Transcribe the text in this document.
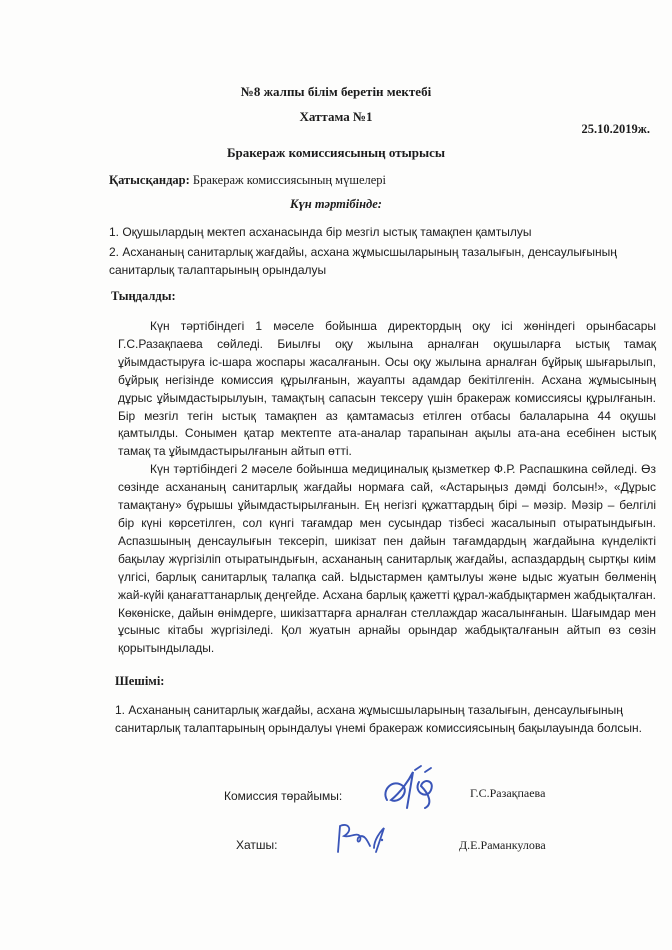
№8 жалпы білім беретін мектебі
Хаттама №1
25.10.2019ж.
Бракераж комиссиясының отырысы
Қатысқандар: Бракераж комиссиясының мүшелері
Күн тәртібінде:

1. Оқушылардың мектеп асханасында бір мезгіл ыстық тамақпен қамтылуы

2. Асхананың санитарлық жағдайы, асхана жұмысшыларының тазалығын, денсаулығының санитарлық талаптарының орындалуы

Тыңдалды:

Күн тәртібіндегі 1 мәселе бойынша директордың оқу ісі жөніндегі орынбасары Г.С.Разақпаева сөйледі. Биылғы оқу жылына арналған оқушыларға ыстық тамақ ұйымдастыруға іс-шара жоспары жасалғанын. Осы оқу жылына арналған бұйрық шығарылып, бұйрық негізінде комиссия құрылғанын, жауапты адамдар бекітілгенін. Асхана жұмысының дұрыс ұйымдастырылуын, тамақтың сапасын тексеру үшін бракераж комиссиясы құрылғанын. Бір мезгіл тегін ыстық тамақпен аз қамтамасыз етілген отбасы балаларына 44 оқушы қамтылды. Сонымен қатар мектепте ата-аналар тарапынан ақылы ата-ана есебінен ыстық тамақ та ұйымдастырылғанын айтып өтті.

Күн тәртібіндегі 2 мәселе бойынша медициналық қызметкер Ф.Р. Распашкина сөйледі. Өз сөзінде асхананың санитарлық жағдайы нормаға сай, «Астарыңыз дәмді болсын!», «Дұрыс тамақтану» бұрышы ұйымдастырылғанын. Ең негізгі құжаттардың бірі – мәзір. Мәзір – белгілі бір күні көрсетілген, сол күнгі тағамдар мен сусындар тізбесі жасалынып отыратындығын. Аспазшының денсаулығын тексеріп, шикізат пен дайын тағамдардың жағдайына күнделікті бақылау жүргізіліп отыратындығын, асхананың санитарлық жағдайы, аспаздардың сыртқы киім үлгісі, барлық санитарлық талапқа сай. Ыдыстармен қамтылуы және ыдыс жуатын бөлменің жай-күйі қанағаттанарлық деңгейде. Асхана барлық қажетті құрал-жабдықтармен жабдықталған. Көкөніске, дайын өнімдерге, шикізаттарға арналған стеллаждар жасалынғанын. Шағымдар мен ұсыныс кітабы жүргізіледі. Қол жуатын арнайы орындар жабдықталғанын айтып өз сөзін қорытындылады.

Шешімі:
1. Асхананың санитарлық жағдайы, асхана жұмысшыларының тазалығын, денсаулығының санитарлық талаптарының орындалуы үнемі бракераж комиссиясының бақылауында болсын.
Комиссия төрайымы:	Г.С.Разақпаева
Хатшы:	Д.Е.Раманкулова
